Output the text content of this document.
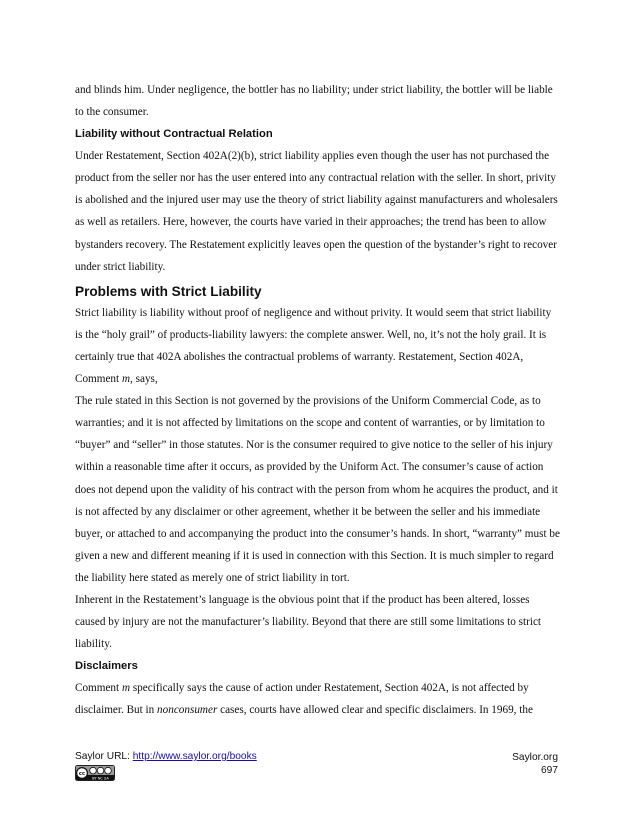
and blinds him. Under negligence, the bottler has no liability; under strict liability, the bottler will be liable to the consumer.

Liability without Contractual Relation

Under Restatement, Section 402A(2)(b), strict liability applies even though the user has not purchased the product from the seller nor has the user entered into any contractual relation with the seller. In short, privity is abolished and the injured user may use the theory of strict liability against manufacturers and wholesalers as well as retailers. Here, however, the courts have varied in their approaches; the trend has been to allow bystanders recovery. The Restatement explicitly leaves open the question of the bystander’s right to recover under strict liability.

Problems with Strict Liability

Strict liability is liability without proof of negligence and without privity. It would seem that strict liability is the “holy grail” of products-liability lawyers: the complete answer. Well, no, it’s not the holy grail. It is certainly true that 402A abolishes the contractual problems of warranty. Restatement, Section 402A, Comment m, says,

The rule stated in this Section is not governed by the provisions of the Uniform Commercial Code, as to warranties; and it is not affected by limitations on the scope and content of warranties, or by limitation to “buyer” and “seller” in those statutes. Nor is the consumer required to give notice to the seller of his injury within a reasonable time after it occurs, as provided by the Uniform Act. The consumer’s cause of action does not depend upon the validity of his contract with the person from whom he acquires the product, and it is not affected by any disclaimer or other agreement, whether it be between the seller and his immediate buyer, or attached to and accompanying the product into the consumer’s hands. In short, “warranty” must be given a new and different meaning if it is used in connection with this Section. It is much simpler to regard the liability here stated as merely one of strict liability in tort.

Inherent in the Restatement’s language is the obvious point that if the product has been altered, losses caused by injury are not the manufacturer’s liability. Beyond that there are still some limitations to strict liability.

Disclaimers

Comment m specifically says the cause of action under Restatement, Section 402A, is not affected by disclaimer. But in nonconsumer cases, courts have allowed clear and specific disclaimers. In 1969, the

Saylor URL: http://www.saylor.org/books
cc
BY NC SA
Saylor.org
697
